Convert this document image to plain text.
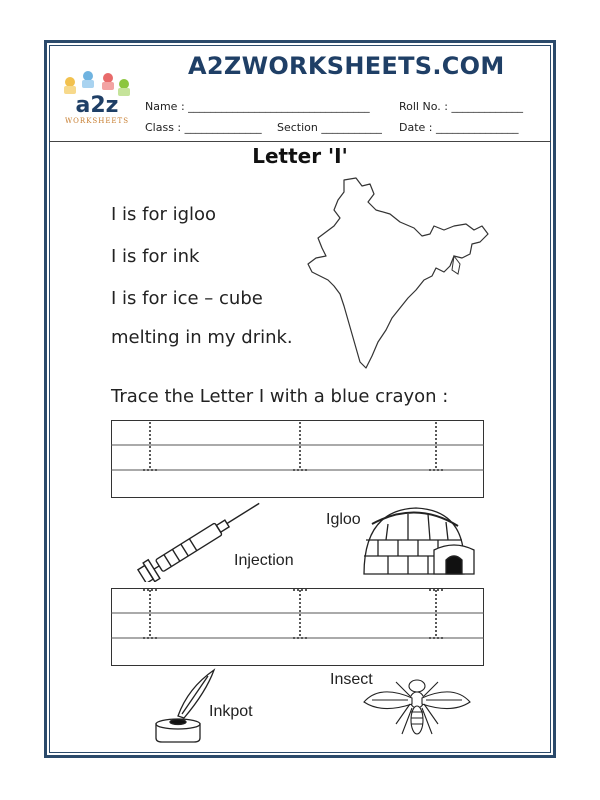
A2ZWORKSHEETS.COM
a2z
WORKSHEETS
Name : _________________________________	Roll No. : _____________
Class : ______________ Section ___________ Date : _______________
Letter 'I'
I is for igloo
I is for ink
I is for ice – cube
melting in my drink.
Trace the Letter I with a blue crayon :
Injection
Igloo
Inkpot
Insect
